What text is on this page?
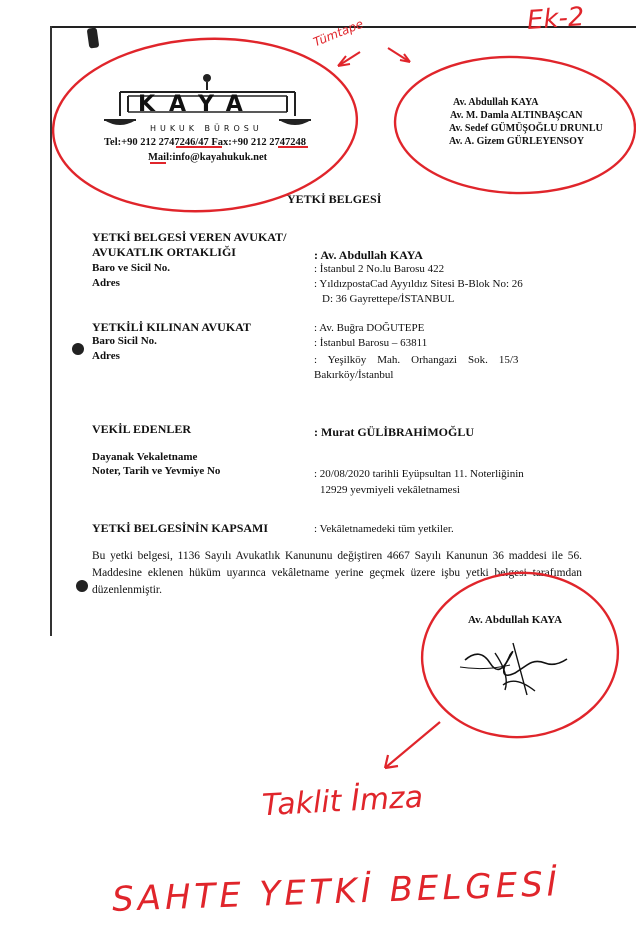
KAYA
HUKUK BÜROSU
Tel:+90 212 2747246/47 Fax:+90 212 2747248
Mail:info@kayahukuk.net
Av. Abdullah KAYA
Av. M. Damla ALTINBAŞCAN
Av. Sedef GÜMÜŞOĞLU DRUNLU
Av. A. Gizem GÜRLEYENSOY
YETKİ BELGESİ
YETKİ BELGESİ VEREN AVUKAT/
AVUKATLIK ORTAKLIĞI	: Av. Abdullah KAYA
Baro ve Sicil No.	: İstanbul 2 No.lu Barosu 422
Adres	: YıldızpostaCad Ayyıldız Sitesi B-Blok No: 26
D: 36 Gayrettepe/İSTANBUL
YETKİLİ KILINAN AVUKAT	: Av. Buğra DOĞUTEPE
Baro Sicil No.	: İstanbul Barosu – 63811
Adres	:    Yeşilköy    Mah.    Orhangazi    Sok.    15/3
Bakırköy/İstanbul
VEKİL EDENLER	: Murat GÜLİBRAHİMOĞLU
Dayanak Vekaletname
Noter, Tarih ve Yevmiye No	: 20/08/2020 tarihli Eyüpsultan 11. Noterliğinin
12929 yevmiyeli vekâletnamesi
YETKİ BELGESİNİN KAPSAMI	: Vekâletnamedeki tüm yetkiler.
Bu yetki belgesi, 1136 Sayılı Avukatlık Kanununu değiştiren 4667 Sayılı Kanunun 36 maddesi ile 56. Maddesine eklenen hüküm uyarınca vekâletname yerine geçmek üzere işbu yetki belgesi tarafımdan düzenlenmiştir.
Av. Abdullah KAYA
Ek-2
Tümtape
Taklit İmza
SAHTE YETKİ BELGESİ
